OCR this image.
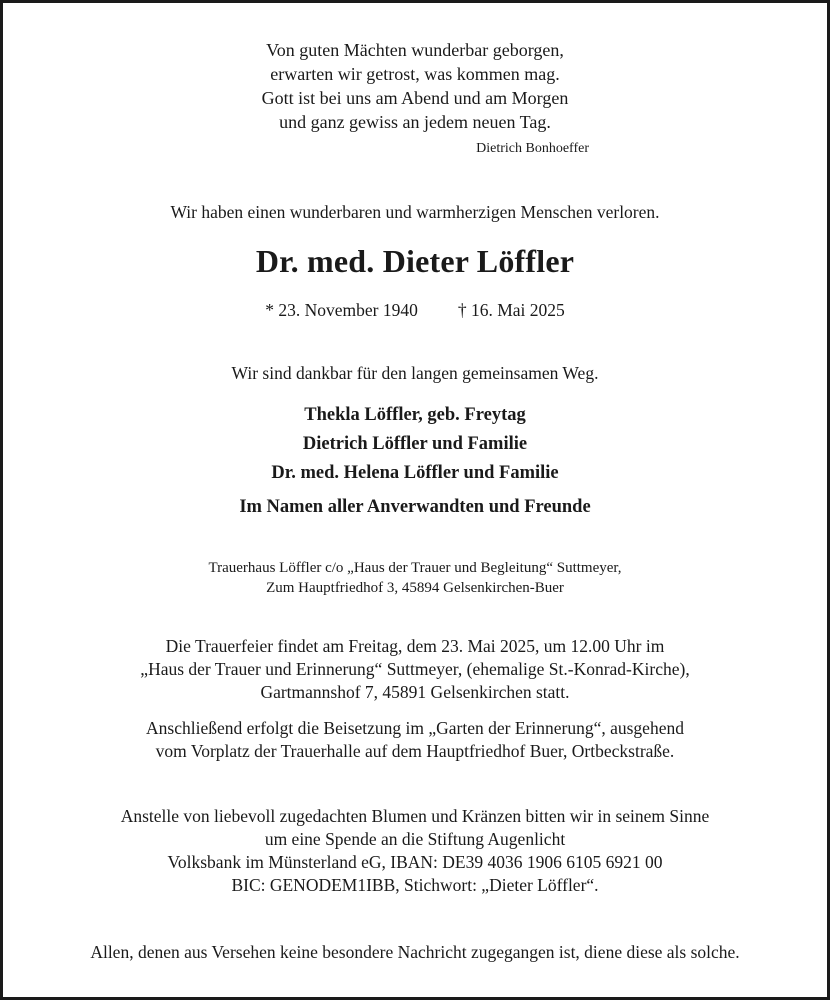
Von guten Mächten wunderbar geborgen,
erwarten wir getrost, was kommen mag.
Gott ist bei uns am Abend und am Morgen
und ganz gewiss an jedem neuen Tag.
Dietrich Bonhoeffer
Wir haben einen wunderbaren und warmherzigen Menschen verloren.
Dr. med. Dieter Löffler
* 23. November 1940 † 16. Mai 2025
Wir sind dankbar für den langen gemeinsamen Weg.
Thekla Löffler, geb. Freytag
Dietrich Löffler und Familie
Dr. med. Helena Löffler und Familie
Im Namen aller Anverwandten und Freunde
Trauerhaus Löffler c/o „Haus der Trauer und Begleitung“ Suttmeyer,
Zum Hauptfriedhof 3, 45894 Gelsenkirchen-Buer
Die Trauerfeier findet am Freitag, dem 23. Mai 2025, um 12.00 Uhr im
„Haus der Trauer und Erinnerung“ Suttmeyer, (ehemalige St.-Konrad-Kirche),
Gartmannshof 7, 45891 Gelsenkirchen statt.
Anschließend erfolgt die Beisetzung im „Garten der Erinnerung“, ausgehend
vom Vorplatz der Trauerhalle auf dem Hauptfriedhof Buer, Ortbeckstraße.
Anstelle von liebevoll zugedachten Blumen und Kränzen bitten wir in seinem Sinne
um eine Spende an die Stiftung Augenlicht
Volksbank im Münsterland eG, IBAN: DE39 4036 1906 6105 6921 00
BIC: GENODEM1IBB, Stichwort: „Dieter Löffler“.
Allen, denen aus Versehen keine besondere Nachricht zugegangen ist, diene diese als solche.
